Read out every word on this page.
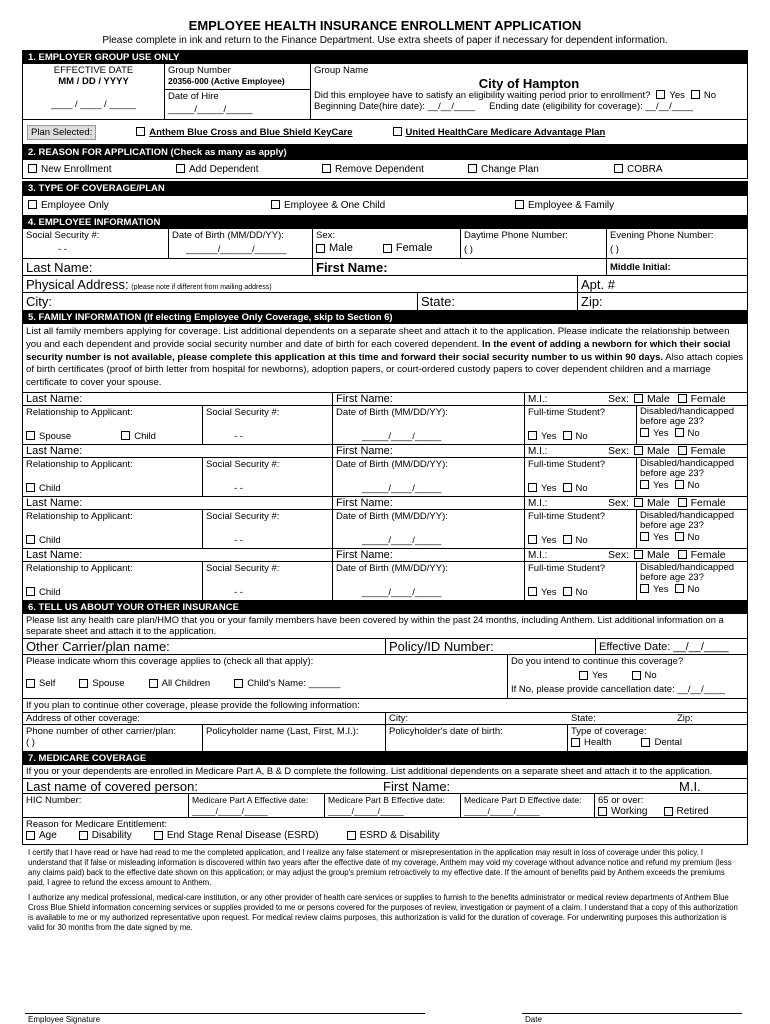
EMPLOYEE HEALTH INSURANCE ENROLLMENT APPLICATION
Please complete in ink and return to the Finance Department. Use extra sheets of paper if necessary for dependent information.
1. EMPLOYER GROUP USE ONLY
EFFECTIVE DATE
MM / DD / YYYY
____ / ____ / _____
Group Number
20356-000 (Active Employee)
Date of Hire
_____/_____/_____
Group Name
City of Hampton
Did this employee have to satisfy an eligibility waiting period prior to enrollment?	Yes	No
Beginning Date(hire date): __/__/____ Ending date (eligibility for coverage): __/__/____
Plan Selected:	Anthem Blue Cross and Blue Shield KeyCare	United HealthCare Medicare Advantage Plan
2. REASON FOR APPLICATION (Check as many as apply)
New Enrollment	Add Dependent	Remove Dependent	Change Plan	COBRA
3. TYPE OF COVERAGE/PLAN
Employee Only	Employee & One Child	Employee & Family
4. EMPLOYEE INFORMATION
Social Security #:
- -
Date of Birth (MM/DD/YY):
______/______/______
Sex:
Male	Female
Daytime Phone Number:
( )
Evening Phone Number:
( )
Last Name:	First Name:	Middle Initial:
Physical Address: (please note if different from mailing address)	Apt. #
City:	State:	Zip:
5. FAMILY INFORMATION (If electing Employee Only Coverage, skip to Section 6)
List all family members applying for coverage. List additional dependents on a separate sheet and attach it to the application. Please indicate the relationship between you and each dependent and provide social security number and date of birth for each covered dependent. In the event of adding a newborn for which their social security number is not available, please complete this application at this time and forward their social security number to us within 90 days. Also attach copies of birth certificates (proof of birth letter from hospital for newborns), adoption papers, or court-ordered custody papers to cover dependent children and a marriage certificate to cover your spouse.
Last Name:	First Name:	M.I.:	Sex: Male Female
Relationship to Applicant:
Spouse	Child
Social Security #:
- -
Date of Birth (MM/DD/YY):
_____/____/_____
Full-time Student?
Yes No
Disabled/handicapped
before age 23?
Yes No
Last Name:	First Name:	M.I.:	Sex: Male Female
Relationship to Applicant:
Child
Social Security #:
- -
Date of Birth (MM/DD/YY):
_____/____/_____
Full-time Student?
Yes No
Disabled/handicapped
before age 23?
Yes No
Last Name:	First Name:	M.I.:	Sex: Male Female
Relationship to Applicant:
Child
Social Security #:
- -
Date of Birth (MM/DD/YY):
_____/____/_____
Full-time Student?
Yes No
Disabled/handicapped
before age 23?
Yes No
Last Name:	First Name:	M.I.:	Sex: Male Female
Relationship to Applicant:
Child
Social Security #:
- -
Date of Birth (MM/DD/YY):
_____/____/_____
Full-time Student?
Yes No
Disabled/handicapped
before age 23?
Yes No
6. TELL US ABOUT YOUR OTHER INSURANCE
Please list any health care plan/HMO that you or your family members have been covered by within the past 24 months, including Anthem. List additional information on a separate sheet and attach it to the application.
Other Carrier/plan name:	Policy/ID Number:	Effective Date: __/__/____
Please indicate whom this coverage applies to (check all that apply):
Self	Spouse	All Children	Child's Name: ______
Do you intend to continue this coverage?
Yes	No
If No, please provide cancellation date: __/__/____
If you plan to continue other coverage, please provide the following information:
Address of other coverage:	City:	State:	Zip:
Phone number of other carrier/plan:
( )
Policyholder name (Last, First, M.I.):	Policyholder's date of birth:	Type of coverage:
Health	Dental
7. MEDICARE COVERAGE
If you or your dependents are enrolled in Medicare Part A, B & D complete the following. List additional dependents on a separate sheet and attach it to the application.
Last name of covered person:	First Name:	M.I.
HIC Number:	Medicare Part A Effective date:
_____/_____/_____
Medicare Part B Effective date:
_____/_____/_____
Medicare Part D Effective date:
_____/_____/_____
65 or over:
Working	Retired
Reason for Medicare Entitlement:
Age	Disability	End Stage Renal Disease (ESRD)	ESRD & Disability
I certify that I have read or have had read to me the completed application, and I realize any false statement or misrepresentation in the application may result in loss of coverage under this policy. I understand that if false or misleading information is discovered within two years after the effective date of my coverage, Anthem may void my coverage without advance notice and refund my premium (less any claims paid) back to the effective date shown on this application; or may adjust the group's premium retroactively to my effective date. If the amount of benefits paid by Anthem exceeds the premiums paid, I agree to refund the excess amount to Anthem.
I authorize any medical professional, medical-care institution, or any other provider of health care services or supplies to furnish to the benefits administrator or medical review departments of Anthem Blue Cross Blue Shield information concerning services or supplies provided to me or persons covered for the purposes of review, investigation or payment of a claim. I understand that a copy of this authorization is available to me or my authorized representative upon request. For medical review claims purposes, this authorization is valid for the duration of coverage. For underwriting purposes this authorization is valid for 30 months from the date signed by me.
Employee Signature	Date
